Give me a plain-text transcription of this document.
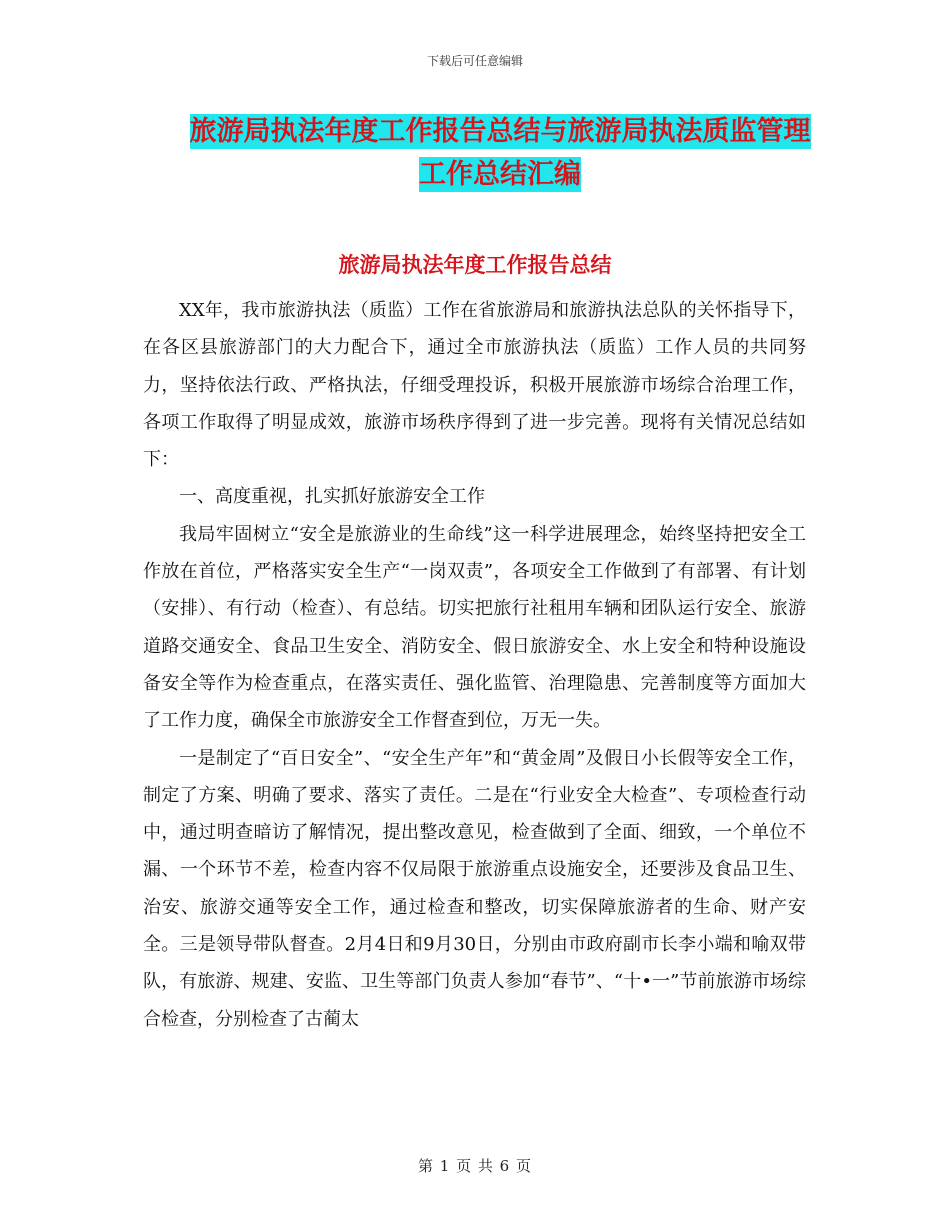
下载后可任意编辑
旅游局执法年度工作报告总结与旅游局执法质监管理
工作总结汇编
旅游局执法年度工作报告总结

XX年，我市旅游执法（质监）工作在省旅游局和旅游执法总队的关怀指导下，在各区县旅游部门的大力配合下，通过全市旅游执法（质监）工作人员的共同努力，坚持依法行政、严格执法，仔细受理投诉，积极开展旅游市场综合治理工作，各项工作取得了明显成效，旅游市场秩序得到了进一步完善。现将有关情况总结如下：

一、高度重视，扎实抓好旅游安全工作

我局牢固树立“安全是旅游业的生命线”这一科学进展理念，始终坚持把安全工作放在首位，严格落实安全生产“一岗双责”，各项安全工作做到了有部署、有计划（安排）、有行动（检查）、有总结。切实把旅行社租用车辆和团队运行安全、旅游道路交通安全、食品卫生安全、消防安全、假日旅游安全、水上安全和特种设施设备安全等作为检查重点，在落实责任、强化监管、治理隐患、完善制度等方面加大了工作力度，确保全市旅游安全工作督查到位，万无一失。

一是制定了“百日安全”、“安全生产年”和“黄金周”及假日小长假等安全工作，制定了方案、明确了要求、落实了责任。二是在“行业安全大检查”、专项检查行动中，通过明查暗访了解情况，提出整改意见，检查做到了全面、细致，一个单位不漏、一个环节不差，检查内容不仅局限于旅游重点设施安全，还要涉及食品卫生、治安、旅游交通等安全工作，通过检查和整改，切实保障旅游者的生命、财产安全。三是领导带队督查。2月4日和9月30日，分别由市政府副市长李小端和喻双带队，有旅游、规建、安监、卫生等部门负责人参加“春节”、“十•一”节前旅游市场综合检查，分别检查了古蔺太

第 1 页 共 6 页
